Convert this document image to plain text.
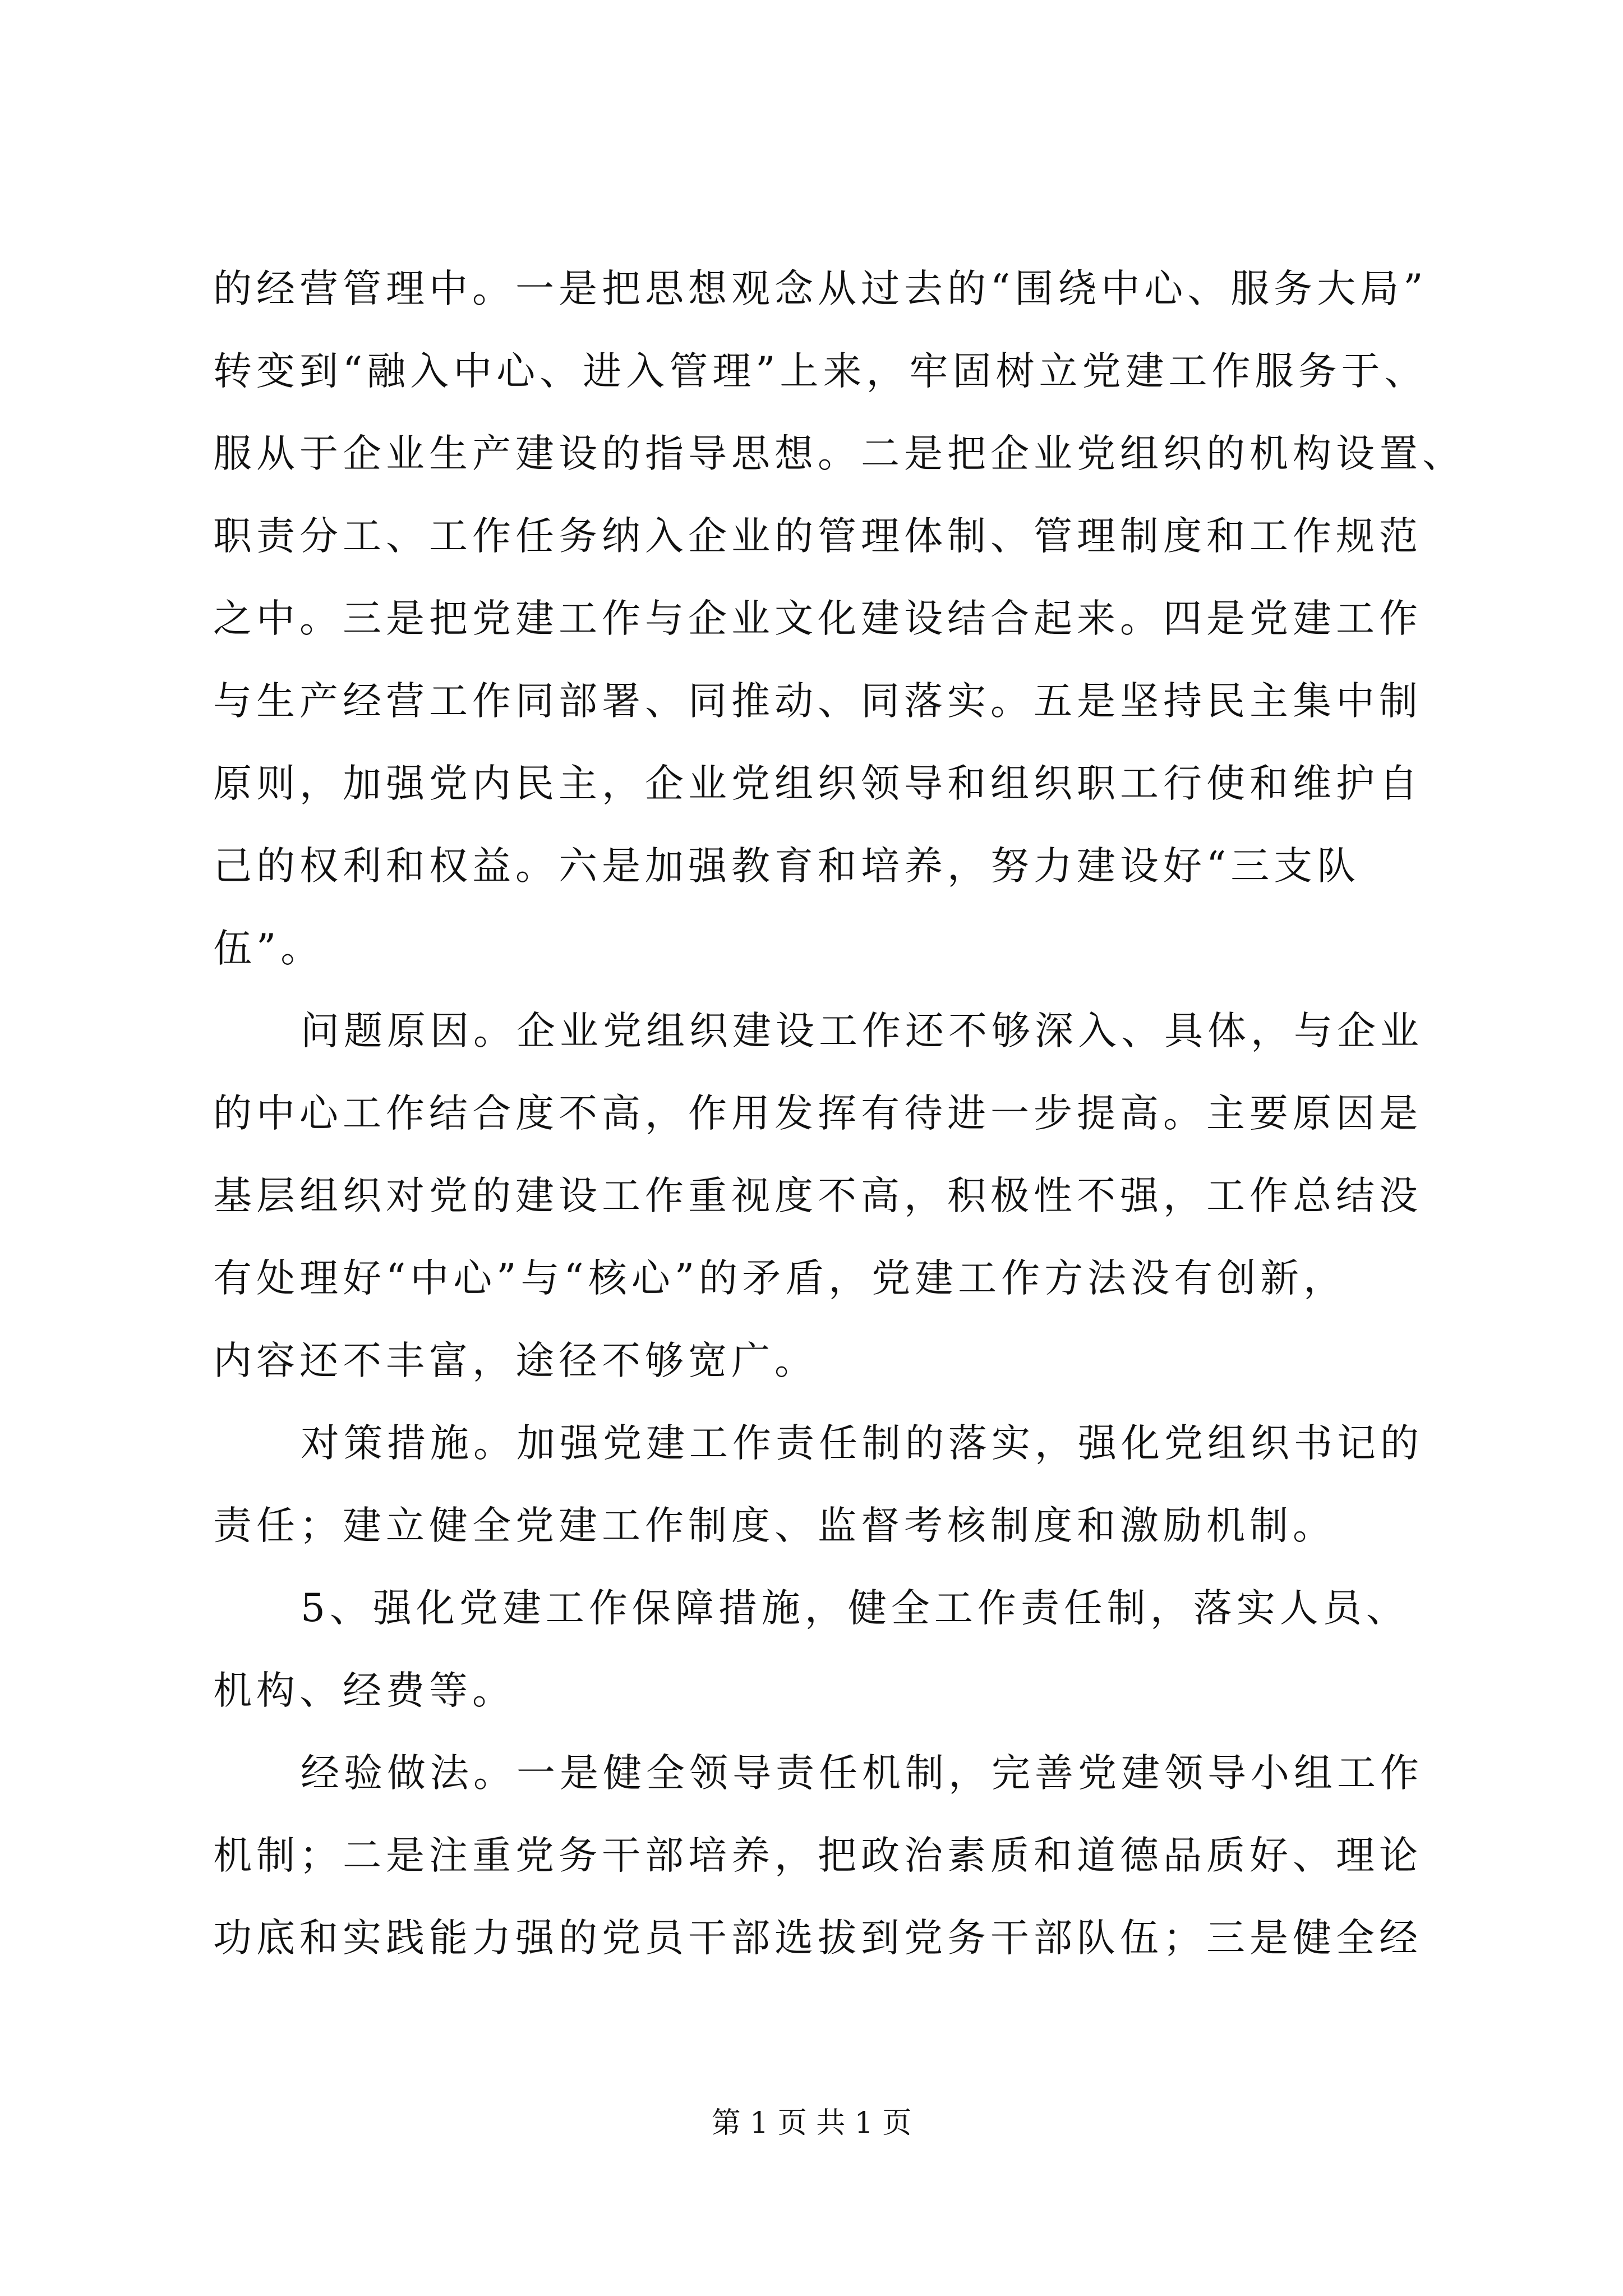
的经营管理中。一是把思想观念从过去的“围绕中心、服务大局”
转变到“融入中心、进入管理”上来，牢固树立党建工作服务于、
服从于企业生产建设的指导思想。二是把企业党组织的机构设置、
职责分工、工作任务纳入企业的管理体制、管理制度和工作规范
之中。三是把党建工作与企业文化建设结合起来。四是党建工作
与生产经营工作同部署、同推动、同落实。五是坚持民主集中制
原则，加强党内民主，企业党组织领导和组织职工行使和维护自
己的权利和权益。六是加强教育和培养，努力建设好“三支队
伍”。
问题原因。企业党组织建设工作还不够深入、具体，与企业
的中心工作结合度不高，作用发挥有待进一步提高。主要原因是
基层组织对党的建设工作重视度不高，积极性不强，工作总结没
有处理好“中心”与“核心”的矛盾，党建工作方法没有创新，
内容还不丰富，途径不够宽广。
对策措施。加强党建工作责任制的落实，强化党组织书记的
责任；建立健全党建工作制度、监督考核制度和激励机制。
5、强化党建工作保障措施，健全工作责任制，落实人员、
机构、经费等。
经验做法。一是健全领导责任机制，完善党建领导小组工作
机制；二是注重党务干部培养，把政治素质和道德品质好、理论
功底和实践能力强的党员干部选拔到党务干部队伍；三是健全经
第 1 页 共 1 页
